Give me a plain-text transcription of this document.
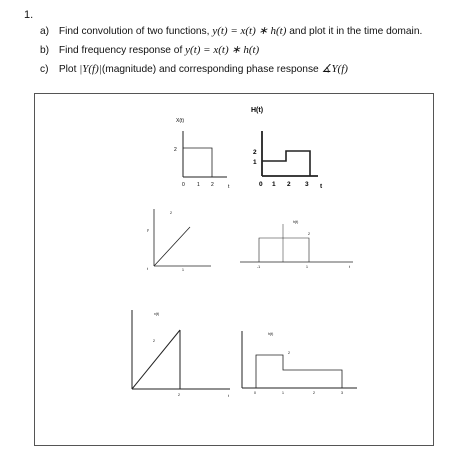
1.
a) Find convolution of two functions, y(t) = x(t) ∗ h(t) and plot it in the time domain.
b) Find frequency response of y(t) = x(t) ∗ h(t)
c) Plot |Y(f)|(magnitude) and corresponding phase response ∡Y(f)
X(t)
2
0 1 2	t
H(t)
2
1
0 1 2 3 t
y
2
1
t
h(t)
2
-1	1	t
x(t)
2
2	t
h(t)
2
0	1	2	3
